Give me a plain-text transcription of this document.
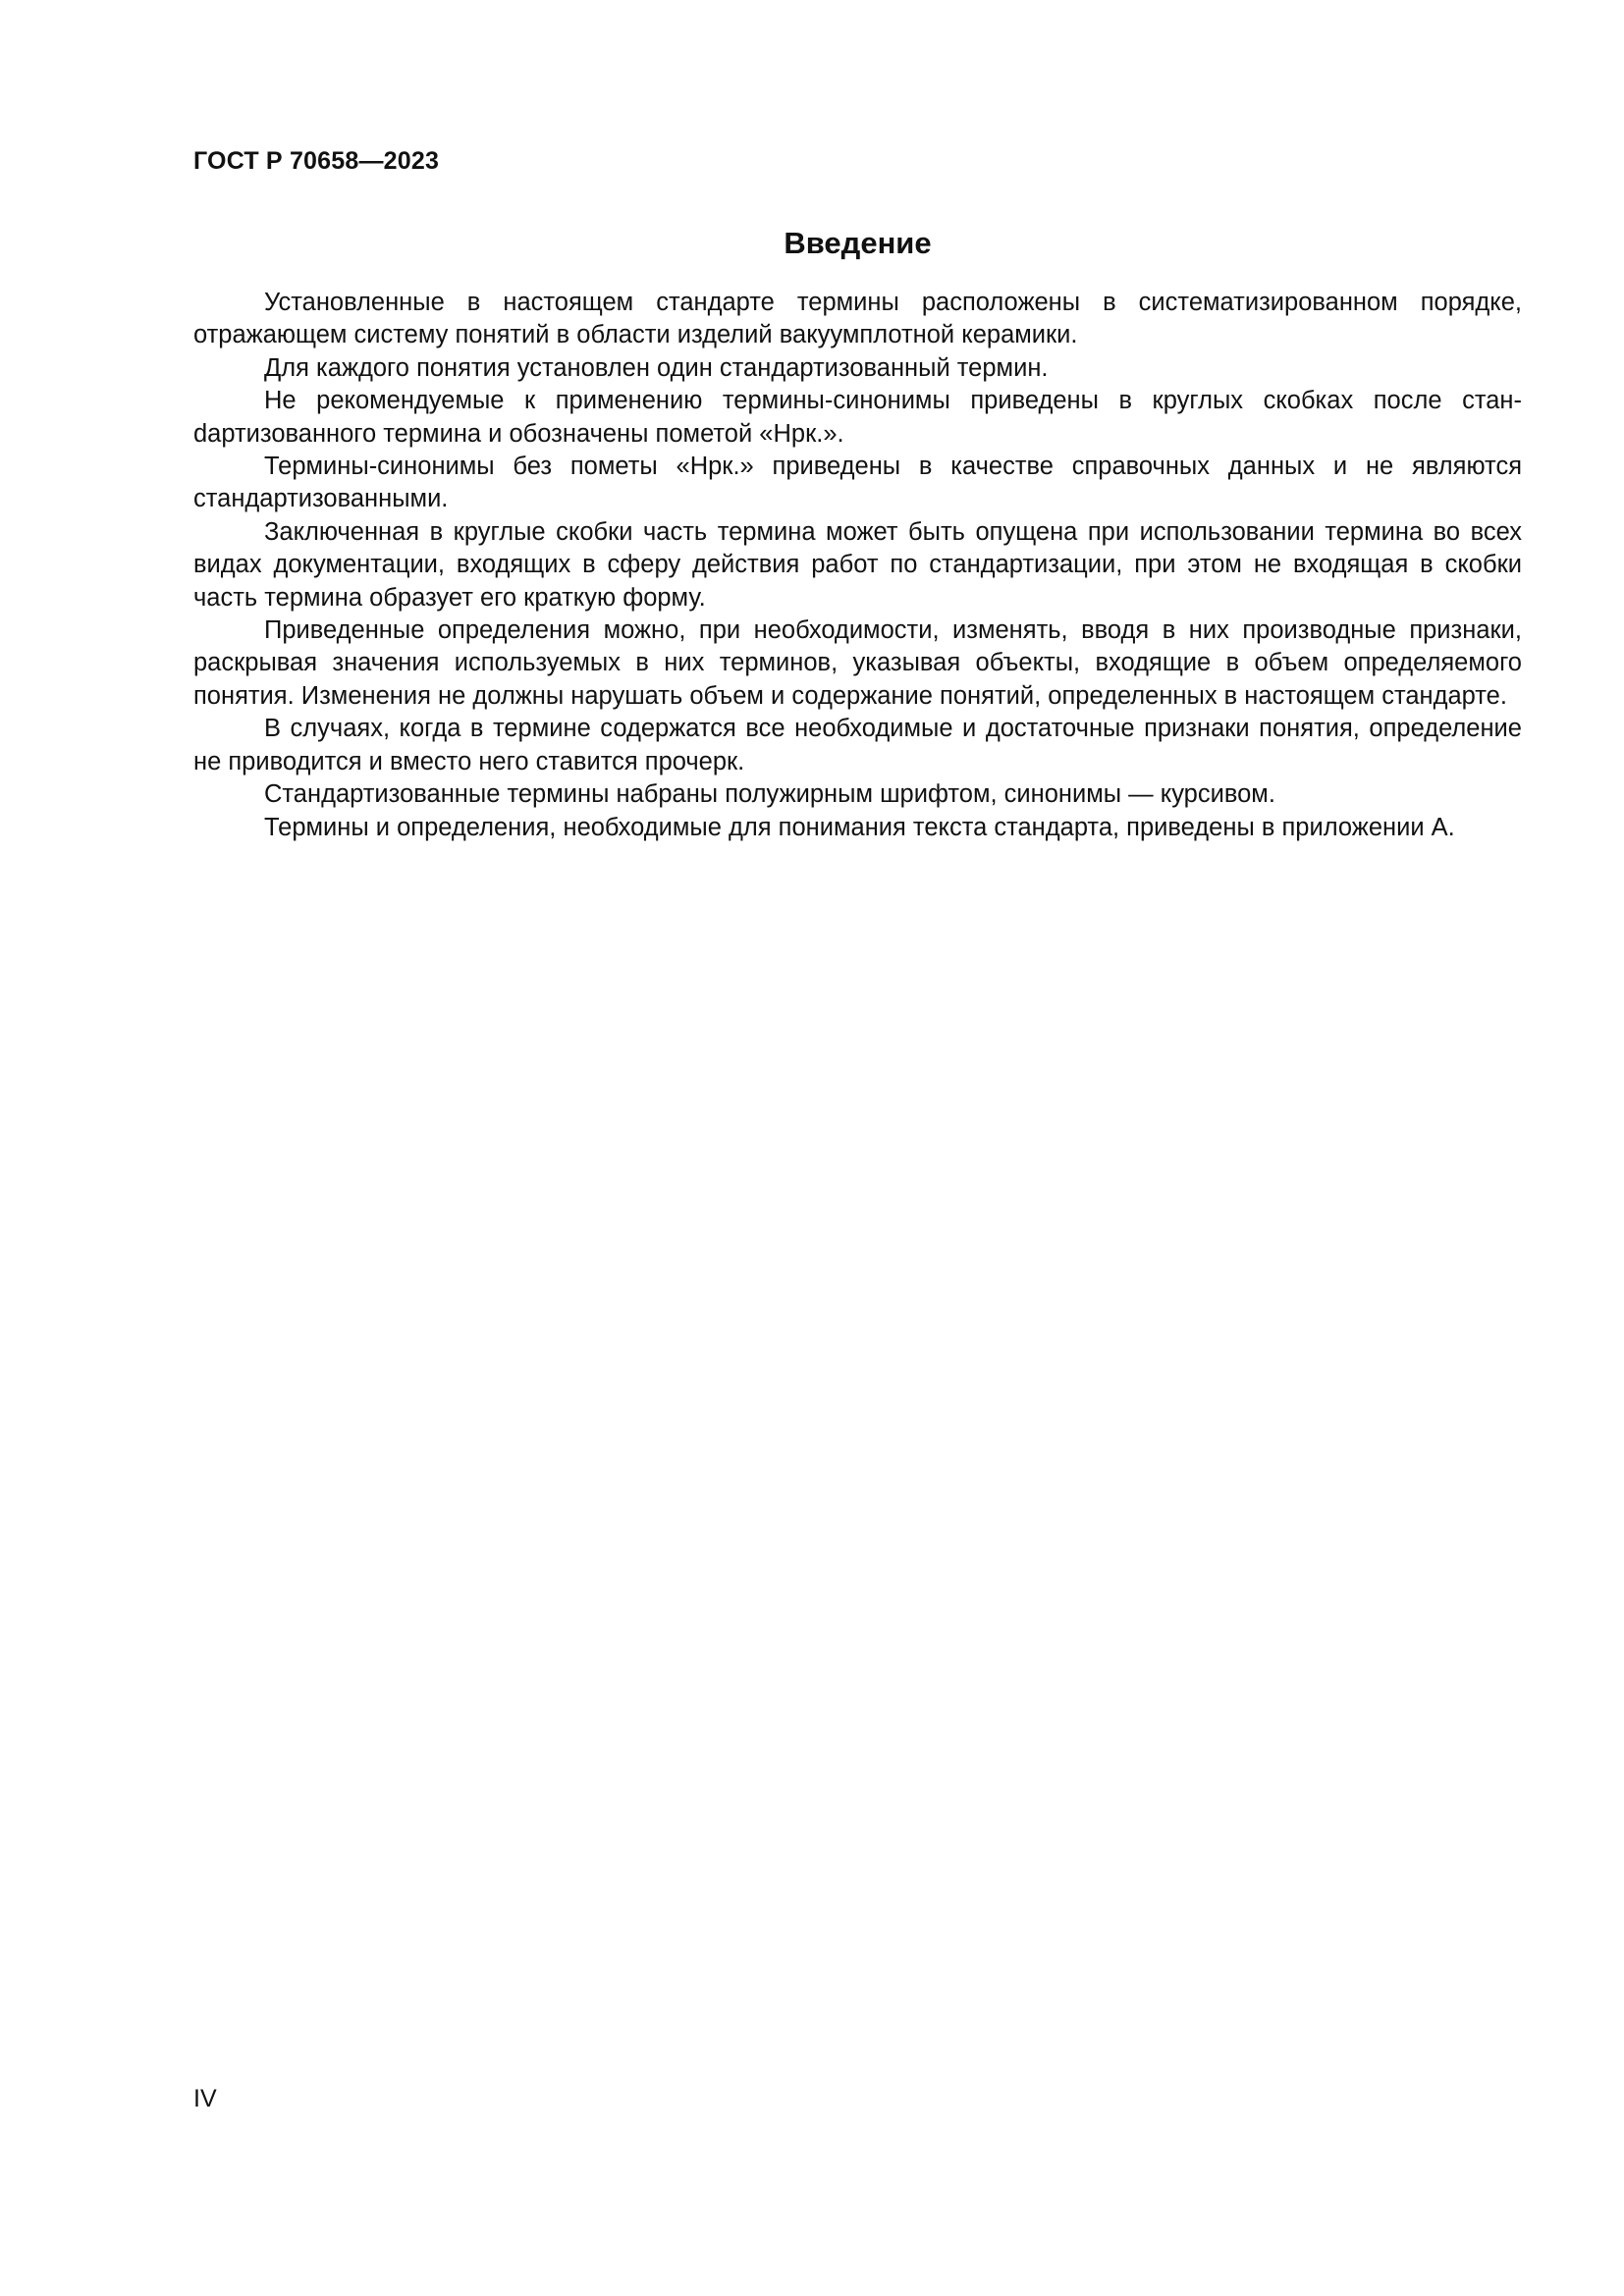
ГОСТ Р 70658—2023
Введение

Установленные в настоящем стандарте термины расположены в систематизированном порядке, отражающем систему понятий в области изделий вакуумплотной керамики.

Для каждого понятия установлен один стандартизованный термин.

Не рекомендуемые к применению термины-синонимы приведены в круглых скобках после станdартизованного термина и обозначены пометой «Нрк.».

Термины-синонимы без пометы «Нрк.» приведены в качестве справочных данных и не являются стандартизованными.

Заключенная в круглые скобки часть термина может быть опущена при использовании термина во всех видах документации, входящих в сферу действия работ по стандартизации, при этом не входящая в скобки часть термина образует его краткую форму.

Приведенные определения можно, при необходимости, изменять, вводя в них производные признаки, раскрывая значения используемых в них терминов, указывая объекты, входящие в объем определяемого понятия. Изменения не должны нарушать объем и содержание понятий, определенных в настоящем стандарте.

В случаях, когда в термине содержатся все необходимые и достаточные признаки понятия, определение не приводится и вместо него ставится прочерк.

Стандартизованные термины набраны полужирным шрифтом, синонимы — курсивом.

Термины и определения, необходимые для понимания текста стандарта, приведены в приложении А.

IV
